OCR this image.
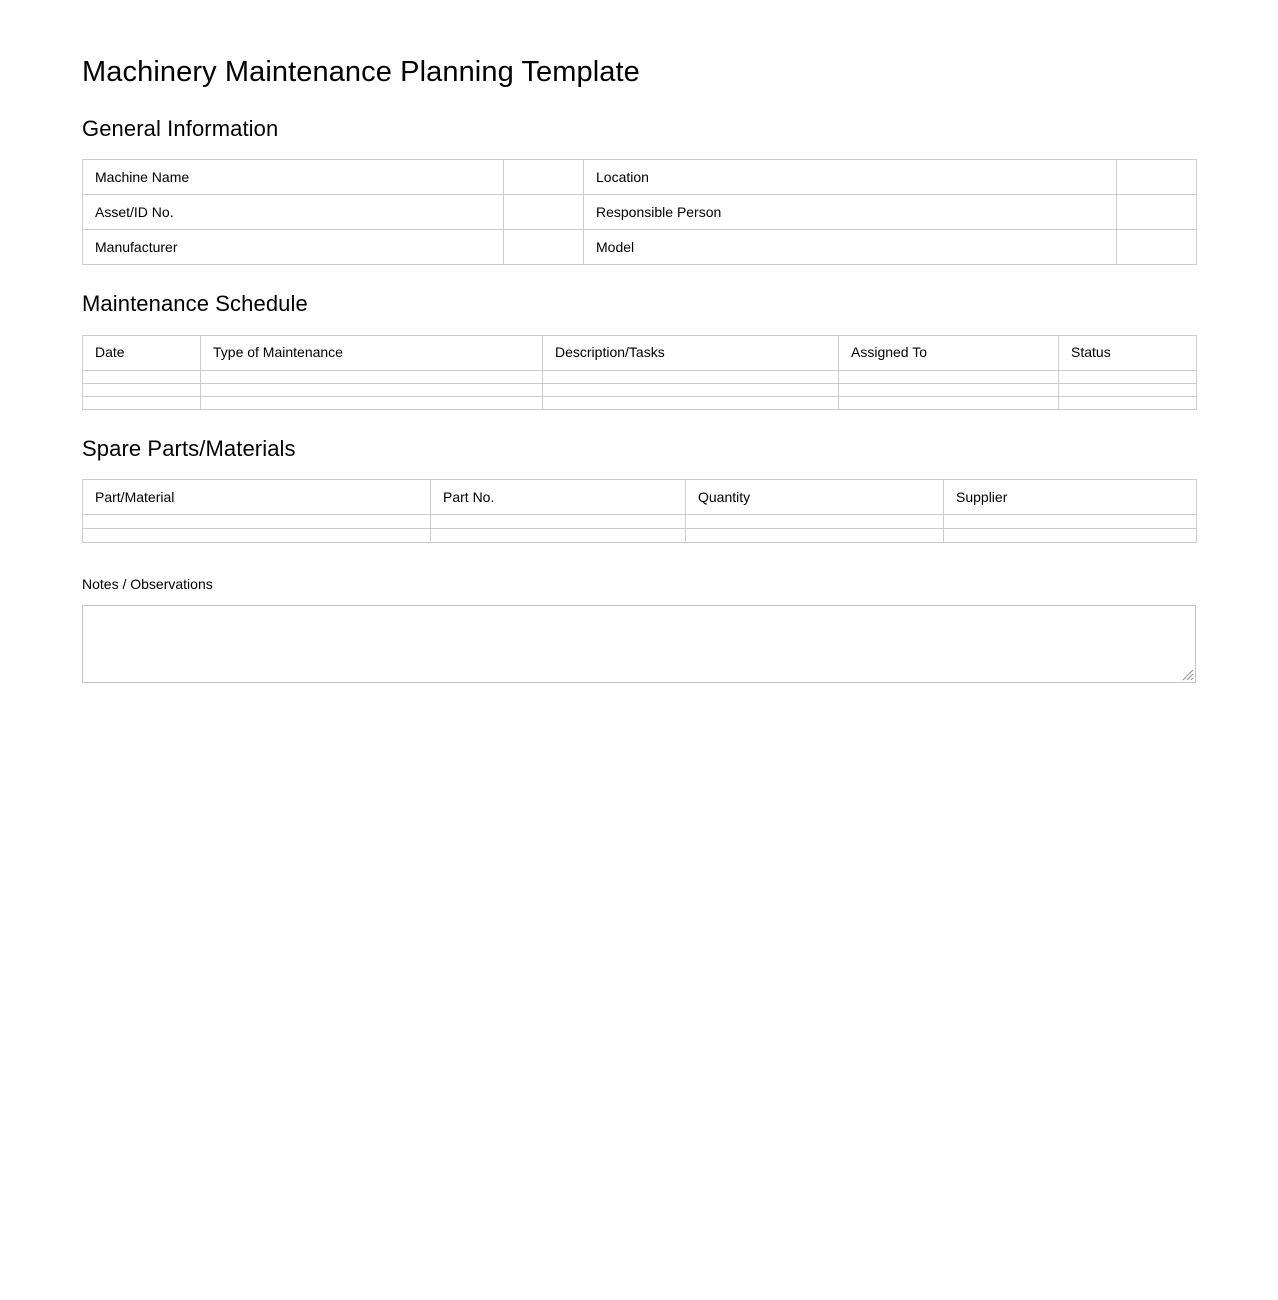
Machinery Maintenance Planning Template
General Information
Machine Name		Location	
Asset/ID No.		Responsible Person	
Manufacturer		Model	
Maintenance Schedule
Date	Type of Maintenance	Description/Tasks	Assigned To	Status

Spare Parts/Materials
Part/Material	Part No.	Quantity	Supplier

Notes / Observations
